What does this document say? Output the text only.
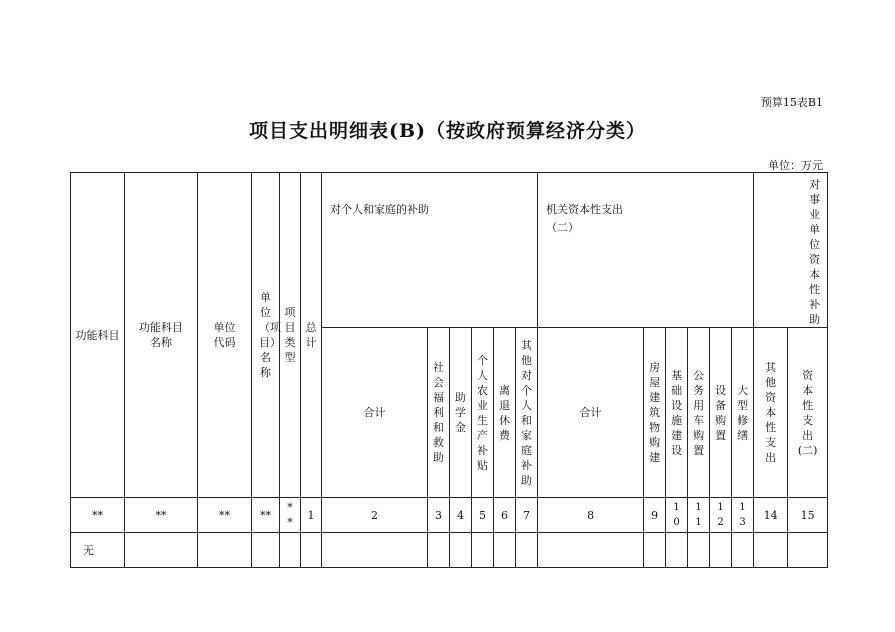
预算15表B1
项目支出明细表(B)（按政府预算经济分类）
单位：万元
功能科目	功能科目名称	单位代码	单位（项目）名称	项目类型	总计	对个人和家庭的补助						机关资本性支出（二）						对事业单位资本性补助	
						合计	社会福利和救助	助学金	个人农业生产补贴	离退休费	其他对个人和家庭补助	合计	房屋建筑物购建	基础设施建设	公务用车购置	设备购置	大型修缮	其他资本性支出	资本性支出(二)
**	**	**	**	**	1	2	3	4	5	6	7	8	9	10	11	12	13	14	15
无																			
